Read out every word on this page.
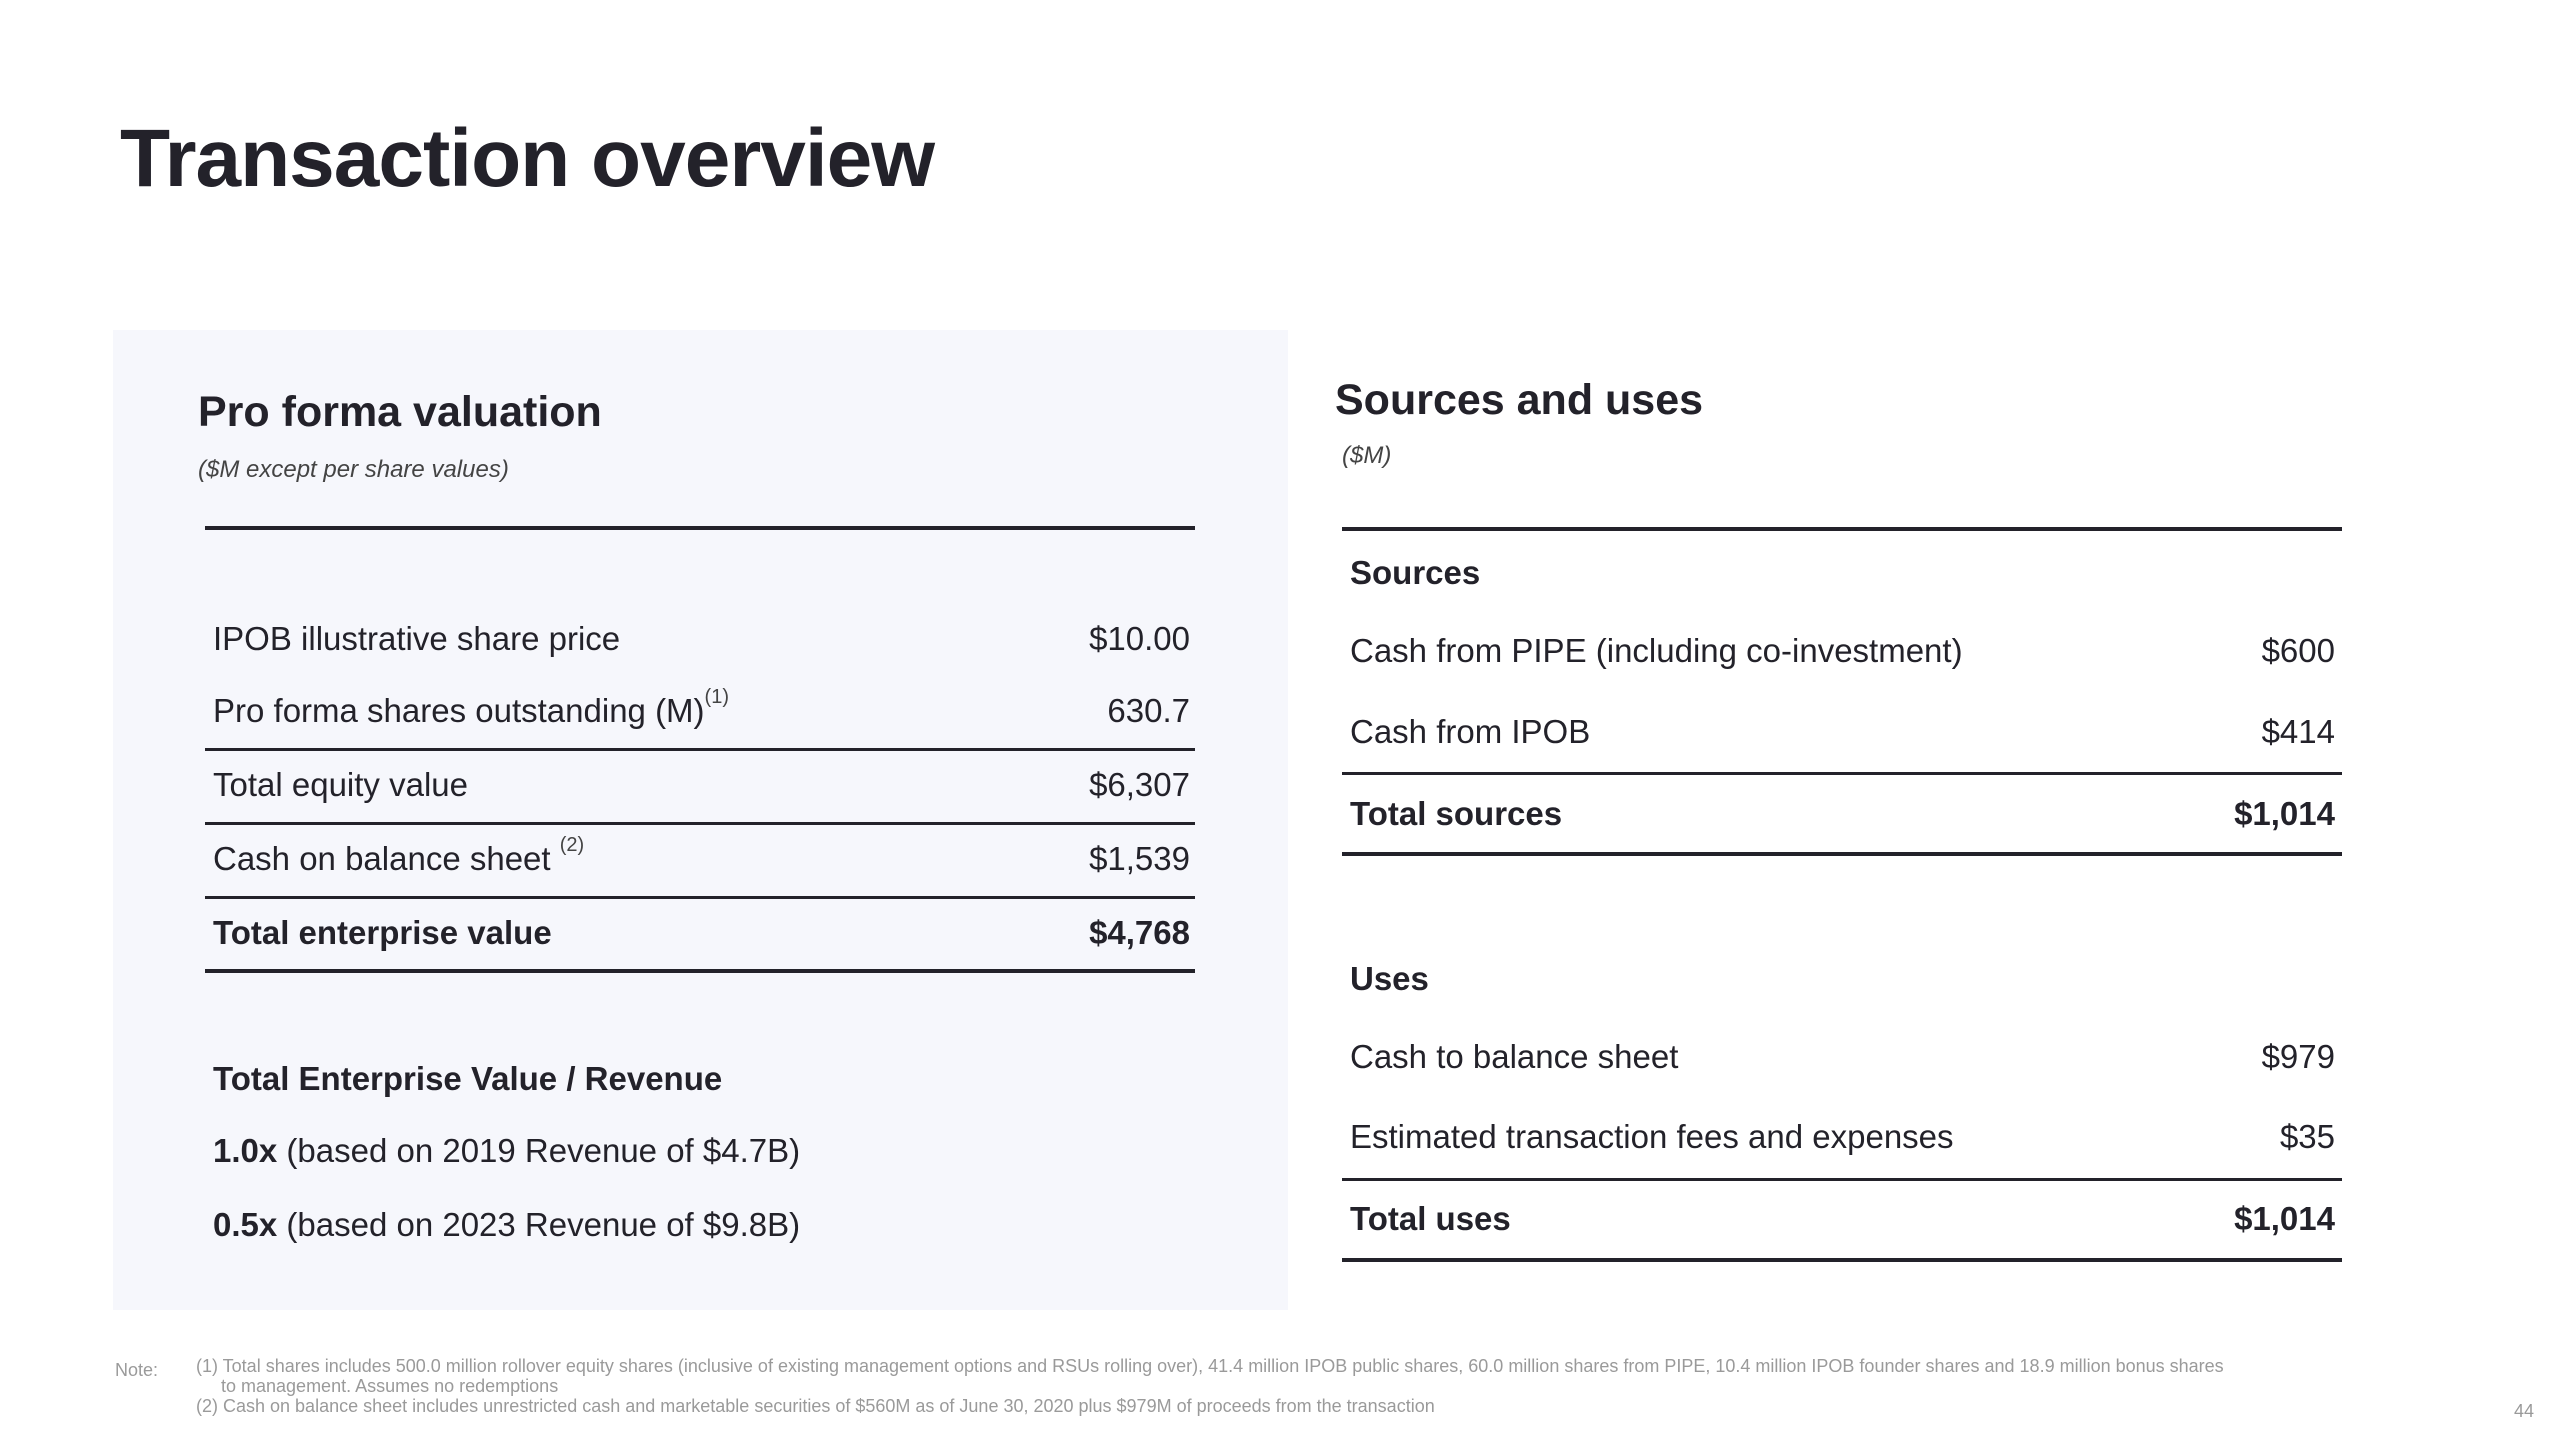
Transaction overview
Pro forma valuation
($M except per share values)
IPOB illustrative share price	$10.00
Pro forma shares outstanding $(M)^{(1)}$	630.7
Total equity value	$6,307
Cash on balance sheet $^{(2)}$	$1,539
Total enterprise value	$4,768
Total Enterprise Value / Revenue
1.0x (based on 2019 Revenue of $4.7B)
0.5x (based on 2023 Revenue of $9.8B)
Sources and uses
($M)
Sources
Cash from PIPE (including co-investment)	$600
Cash from IPOB	$414
Total sources	$1,014
Uses
Cash to balance sheet	$979
Estimated transaction fees and expenses	$35
Total uses	$1,014
Note: (1) Total shares includes 500.0 million rollover equity shares (inclusive of existing management options and RSUs rolling over), 41.4 million IPOB public shares, 60.0 million shares from PIPE, 10.4 million IPOB founder shares and 18.9 million bonus shares
to management. Assumes no redemptions
(2) Cash on balance sheet includes unrestricted cash and marketable securities of $560M as of June 30, 2020 plus $979M of proceeds from the transaction	44
